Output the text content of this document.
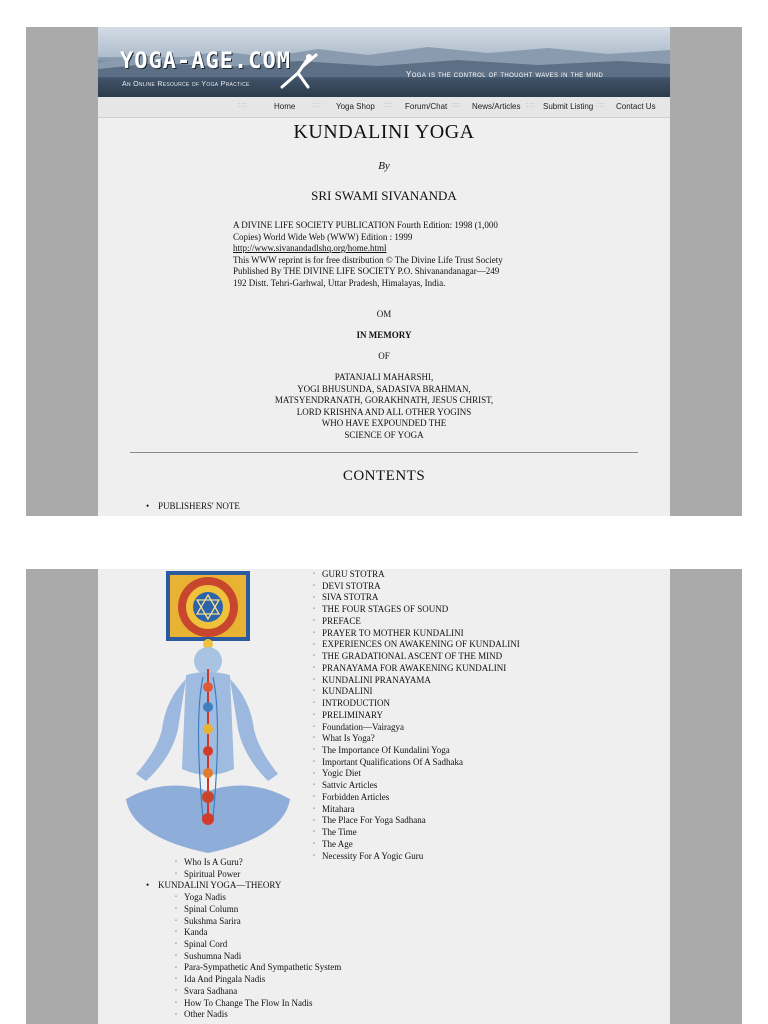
YOGA-AGE.COM
An Online Resource of Yoga Practice
Yoga is the control of thought waves in the mind
:::	Home	::: Yoga Shop ::: Forum/Chat ::: News/Articles ::: Submit Listing ::: Contact Us
KUNDALINI YOGA
By
SRI SWAMI SIVANANDA
A DIVINE LIFE SOCIETY PUBLICATION Fourth Edition: 1998 (1,000
Copies) World Wide Web (WWW) Edition : 1999
http://www.sivanandadlshq.org/home.html
This WWW reprint is for free distribution © The Divine Life Trust Society
Published By THE DIVINE LIFE SOCIETY P.O. Shivanandanagar—249
192 Distt. Tehri-Garhwal, Uttar Pradesh, Himalayas, India.
OM
IN MEMORY
OF
PATANJALI MAHARSHI,
YOGI BHUSUNDA, SADASIVA BRAHMAN,
MATSYENDRANATH, GORAKHNATH, JESUS CHRIST,
LORD KRISHNA AND ALL OTHER YOGINS
WHO HAVE EXPOUNDED THE
SCIENCE OF YOGA
CONTENTS
• PUBLISHERS' NOTE
◦ GURU STOTRA
◦ DEVI STOTRA
◦ SIVA STOTRA
◦ THE FOUR STAGES OF SOUND
◦ PREFACE
◦ PRAYER TO MOTHER KUNDALINI
◦ EXPERIENCES ON AWAKENING OF KUNDALINI
◦ THE GRADATIONAL ASCENT OF THE MIND
◦ PRANAYAMA FOR AWAKENING KUNDALINI
◦ KUNDALINI PRANAYAMA
◦ KUNDALINI
◦ INTRODUCTION
◦ PRELIMINARY
◦ Foundation—Vairagya
◦ What Is Yoga?
◦ The Importance Of Kundalini Yoga
◦ Important Qualifications Of A Sadhaka
◦ Yogic Diet
◦ Sattvic Articles
◦ Forbidden Articles
◦ Mitahara
◦ The Place For Yoga Sadhana
◦ The Time
◦ The Age
◦ Necessity For A Yogic Guru
◦ Who Is A Guru?
◦ Spiritual Power
• KUNDALINI YOGA—THEORY
◦ Yoga Nadis
◦ Spinal Column
◦ Sukshma Sarira
◦ Kanda
◦ Spinal Cord
◦ Sushumna Nadi
◦ Para-Sympathetic And Sympathetic System
◦ Ida And Pingala Nadis
◦ Svara Sadhana
◦ How To Change The Flow In Nadis
◦ Other Nadis
